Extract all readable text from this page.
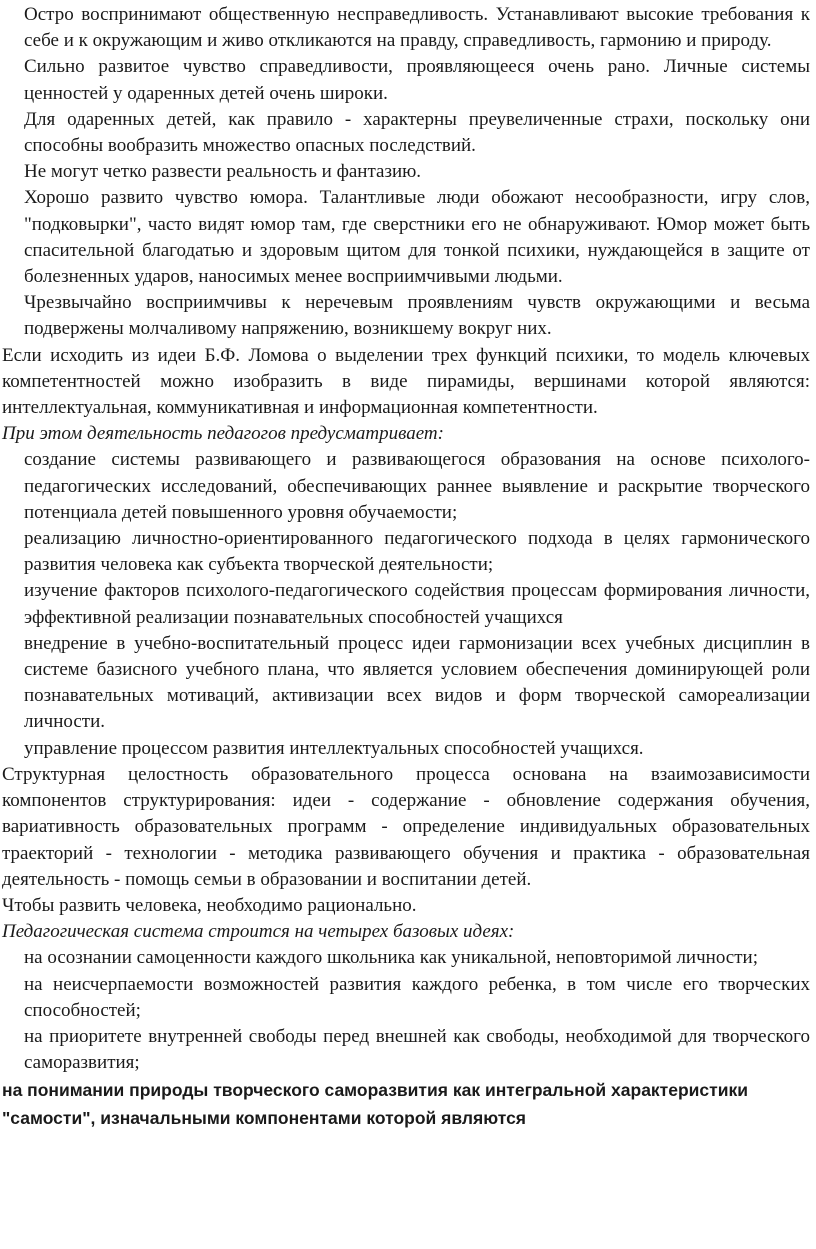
Остро воспринимают общественную несправедливость. Устанавливают высокие требования к себе и к окружающим и живо откликаются на правду, справедливость, гармонию и природу.

Сильно развитое чувство справедливости, проявляющееся очень рано. Личные системы ценностей у одаренных детей очень широки.

Для одаренных детей, как правило - характерны преувеличенные страхи, поскольку они способны вообразить множество опасных последствий.

Не могут четко развести реальность и фантазию.

Хорошо развито чувство юмора. Талантливые люди обожают несообразности, игру слов, "подковырки", часто видят юмор там, где сверстники его не обнаруживают. Юмор может быть спасительной благодатью и здоровым щитом для тонкой психики, нуждающейся в защите от болезненных ударов, наносимых менее восприимчивыми людьми.

Чрезвычайно восприимчивы к неречевым проявлениям чувств окружающими и весьма подвержены молчаливому напряжению, возникшему вокруг них.

Если исходить из идеи Б.Ф. Ломова о выделении трех функций психики, то модель ключевых компетентностей можно изобразить в виде пирамиды, вершинами которой являются: интеллектуальная, коммуникативная и информационная компетентности.

При этом деятельность педагогов предусматривает:

создание системы развивающего и развивающегося образования на основе психолого-педагогических исследований, обеспечивающих раннее выявление и раскрытие творческого потенциала детей повышенного уровня обучаемости;

реализацию личностно-ориентированного педагогического подхода в целях гармонического развития человека как субъекта творческой деятельности;

изучение факторов психолого-педагогического содействия процессам формирования личности, эффективной реализации познавательных способностей учащихся

внедрение в учебно-воспитательный процесс идеи гармонизации всех учебных дисциплин в системе базисного учебного плана, что является условием обеспечения доминирующей роли познавательных мотиваций, активизации всех видов и форм творческой самореализации личности.

управление процессом развития интеллектуальных способностей учащихся.

Структурная целостность образовательного процесса основана на взаимозависимости компонентов структурирования: идеи - содержание - обновление содержания обучения, вариативность образовательных программ - определение индивидуальных образовательных траекторий - технологии - методика развивающего обучения и практика - образовательная деятельность - помощь семьи в образовании и воспитании детей.

Чтобы развить человека, необходимо рационально.

Педагогическая система строится на четырех базовых идеях:

на осознании самоценности каждого школьника как уникальной, неповторимой личности;

на неисчерпаемости возможностей развития каждого ребенка, в том числе его творческих способностей;

на приоритете внутренней свободы перед внешней как свободы, необходимой для творческого саморазвития;

на понимании природы творческого саморазвития как интегральной характеристики "самости", изначальными компонентами которой являются
